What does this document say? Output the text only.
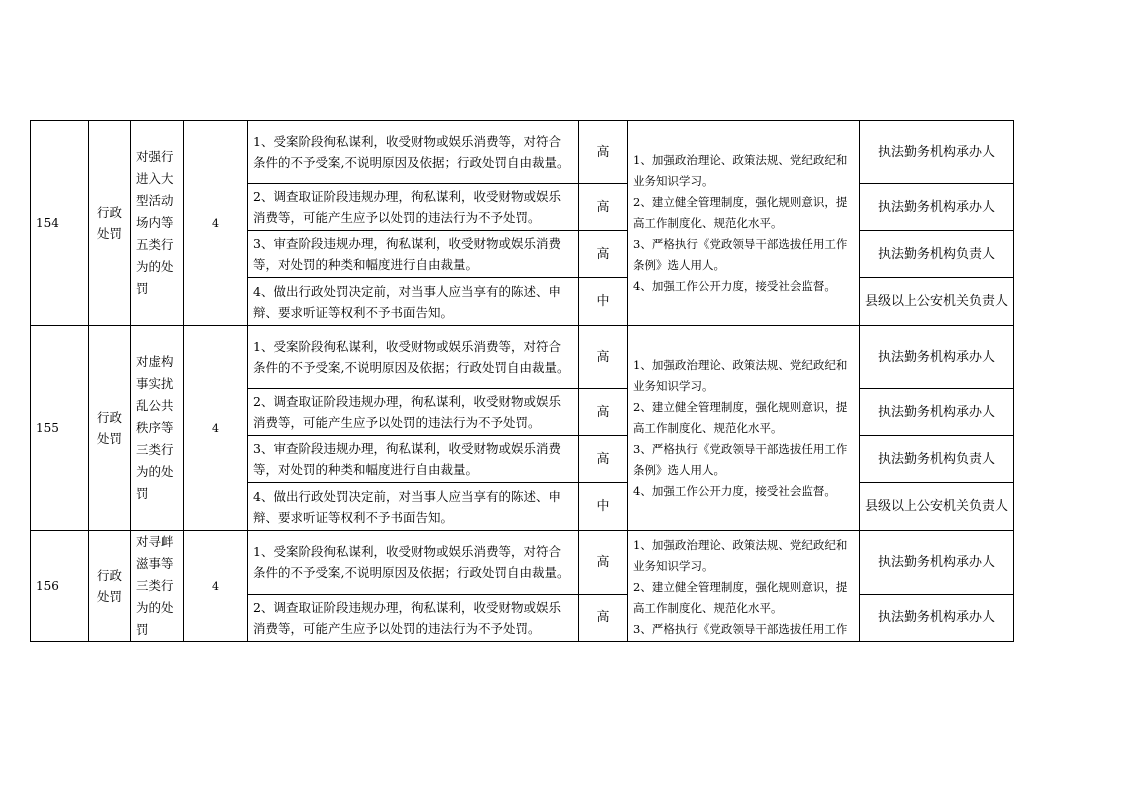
154	行政处罚	对强行进入大型活动场内等五类行为的处罚	4	1、受案阶段徇私谋利，收受财物或娱乐消费等，对符合条件的不予受案,不说明原因及依据；行政处罚自由裁量。	高	1、加强政治理论、政策法规、党纪政纪和业务知识学习。
2、建立健全管理制度，强化规则意识，提高工作制度化、规范化水平。
3、严格执行《党政领导干部选拔任用工作条例》选人用人。
4、加强工作公开力度，接受社会监督。	执法勤务机构承办人
				2、调查取证阶段违规办理，徇私谋利，收受财物或娱乐消费等，可能产生应予以处罚的违法行为不予处罚。	高		执法勤务机构承办人
				3、审查阶段违规办理，徇私谋利，收受财物或娱乐消费等，对处罚的种类和幅度进行自由裁量。	高		执法勤务机构负责人
				4、做出行政处罚决定前，对当事人应当享有的陈述、申辩、要求听证等权利不予书面告知。	中		县级以上公安机关负责人
155	行政处罚	对虚构事实扰乱公共秩序等三类行为的处罚	4	1、受案阶段徇私谋利，收受财物或娱乐消费等，对符合条件的不予受案,不说明原因及依据；行政处罚自由裁量。	高	1、加强政治理论、政策法规、党纪政纪和业务知识学习。
2、建立健全管理制度，强化规则意识，提高工作制度化、规范化水平。
3、严格执行《党政领导干部选拔任用工作条例》选人用人。
4、加强工作公开力度，接受社会监督。	执法勤务机构承办人
				2、调查取证阶段违规办理，徇私谋利，收受财物或娱乐消费等，可能产生应予以处罚的违法行为不予处罚。	高		执法勤务机构承办人
				3、审查阶段违规办理，徇私谋利，收受财物或娱乐消费等，对处罚的种类和幅度进行自由裁量。	高		执法勤务机构负责人
				4、做出行政处罚决定前，对当事人应当享有的陈述、申辩、要求听证等权利不予书面告知。	中		县级以上公安机关负责人
156	行政处罚	对寻衅滋事等三类行为的处罚	4	1、受案阶段徇私谋利，收受财物或娱乐消费等，对符合条件的不予受案,不说明原因及依据；行政处罚自由裁量。	高	1、加强政治理论、政策法规、党纪政纪和业务知识学习。
2、建立健全管理制度，强化规则意识，提高工作制度化、规范化水平。
3、严格执行《党政领导干部选拔任用工作	执法勤务机构承办人
				2、调查取证阶段违规办理，徇私谋利，收受财物或娱乐消费等，可能产生应予以处罚的违法行为不予处罚。	高		执法勤务机构承办人
